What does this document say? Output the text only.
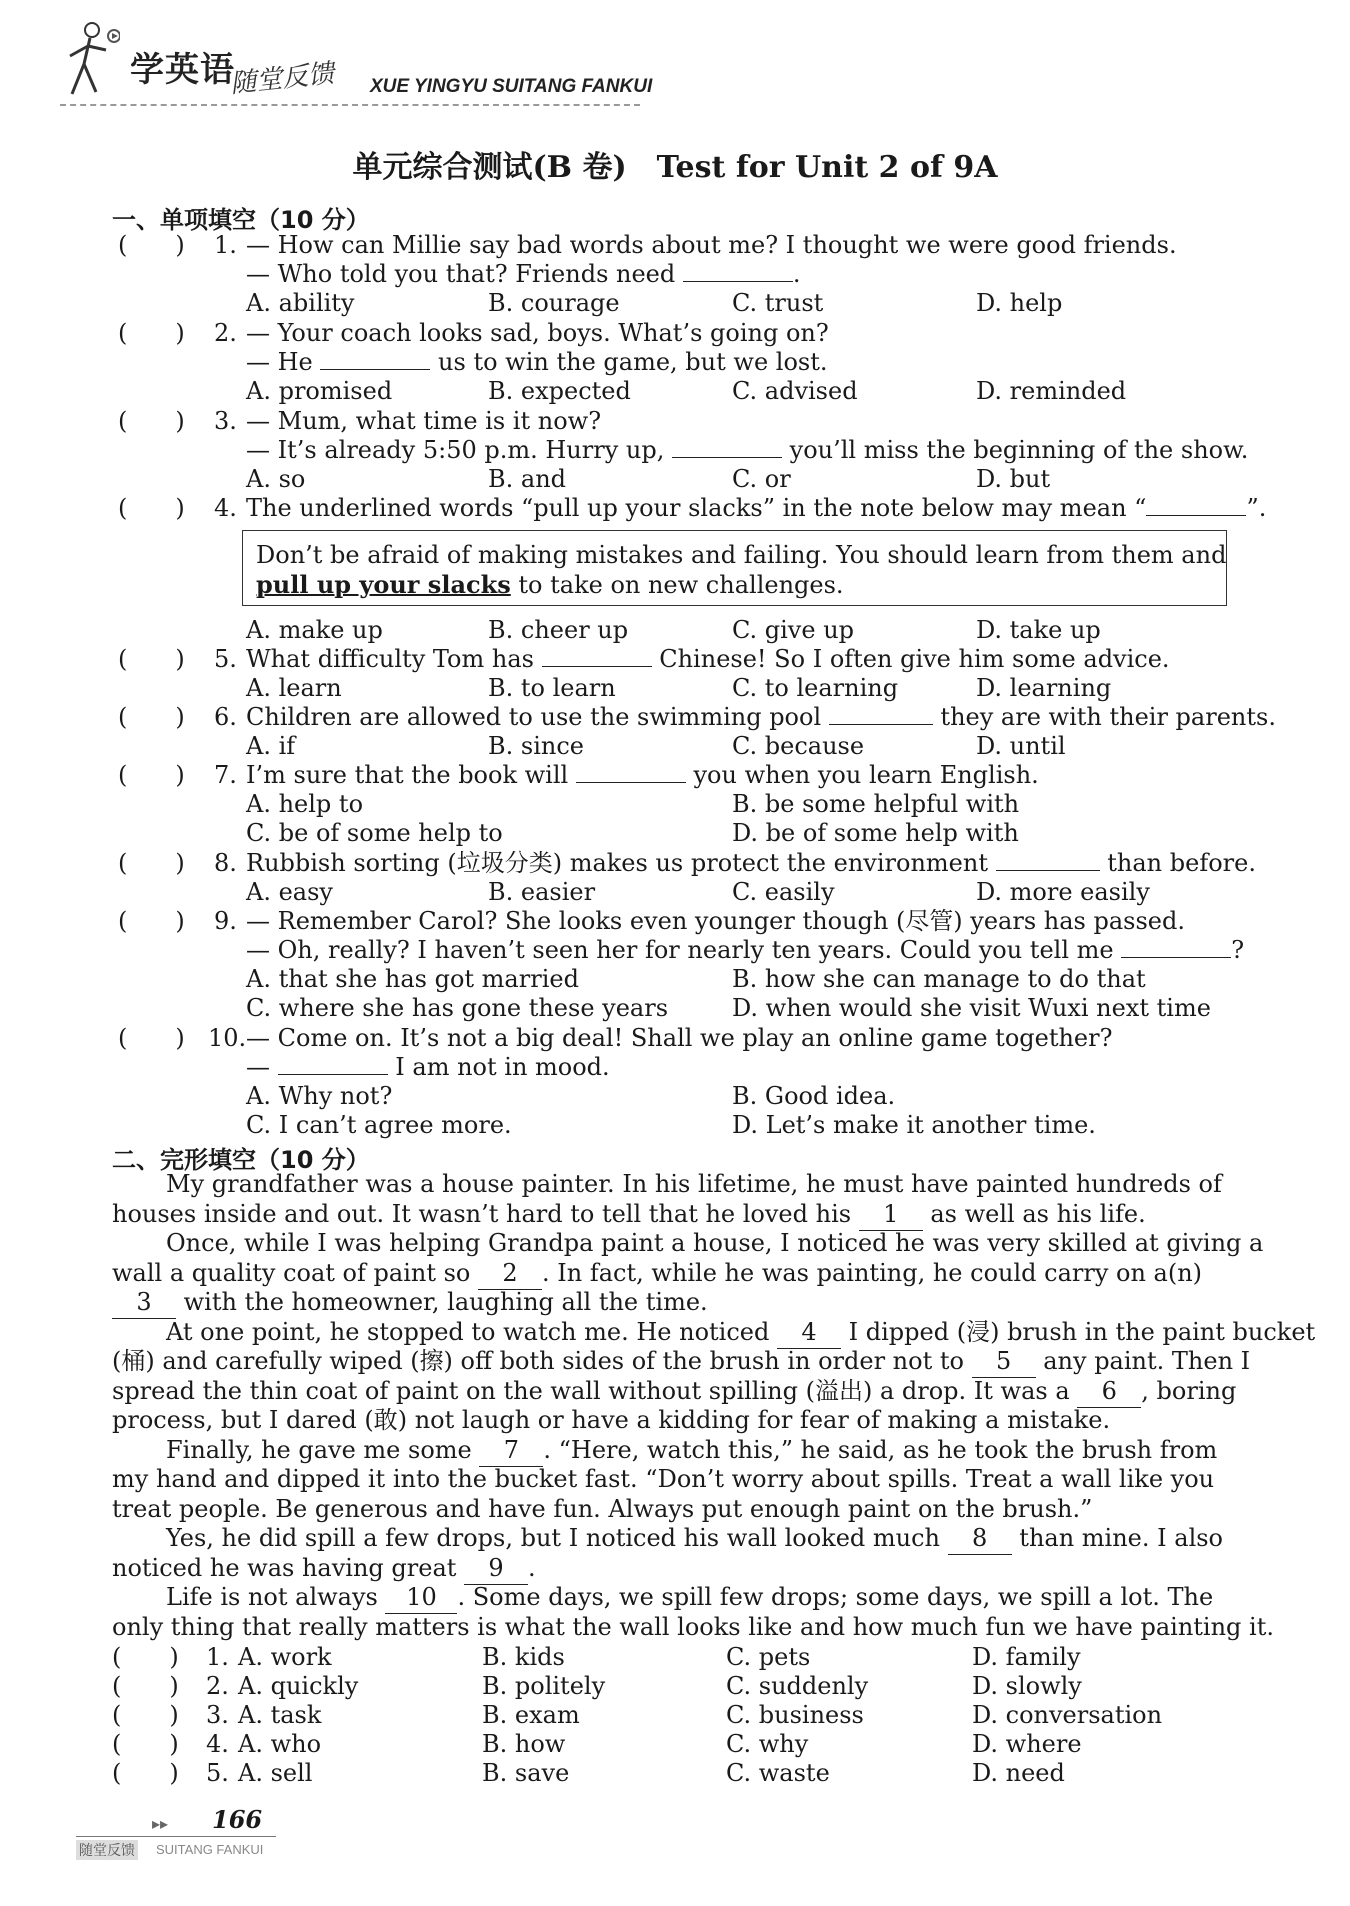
学英语
随堂反馈 XUE YINGYU SUITANG FANKUI
单元综合测试(B 卷)　Test for Unit 2 of 9A
一、单项填空（10 分）
(　　) 1. — How can Millie say bad words about me? I thought we were good friends.
— Who told you that? Friends need	.
A. ability	B. courage	C. trust	D. help
(　　) 2. — Your coach looks sad, boys. What’s going on?
— He	us to win the game, but we lost.
A. promised	B. expected	C. advised	D. reminded
(　　) 3. — Mum, what time is it now?
— It’s already 5:50 p.m. Hurry up,	you’ll miss the beginning of the show.
A. so	B. and	C. or	D. but
(　　) 4. The underlined words “pull up your slacks” in the note below may mean “	”.
Don’t be afraid of making mistakes and failing. You should learn from them and
pull up your slacks to take on new challenges.
A. make up	B. cheer up	C. give up	D. take up
(　　) 5. What difficulty Tom has	Chinese! So I often give him some advice.
A. learn	B. to learn	C. to learning	D. learning
(　　) 6. Children are allowed to use the swimming pool	they are with their parents.
A. if	B. since	C. because	D. until
(　　) 7. I’m sure that the book will	you when you learn English.
A. help to	B. be some helpful with
C. be of some help to	D. be of some help with
(　　) 8. Rubbish sorting (垃圾分类) makes us protect the environment	than before.
A. easy	B. easier	C. easily	D. more easily
(　　) 9. — Remember Carol? She looks even younger though (尽管) years has passed.
— Oh, really? I haven’t seen her for nearly ten years. Could you tell me	?
A. that she has got married	B. how she can manage to do that
C. where she has gone these years	D. when would she visit Wuxi next time
(　　) 10. — Come on. It’s not a big deal! Shall we play an online game together?
—	I am not in mood.
A. Why not?	B. Good idea.
C. I can’t agree more.	D. Let’s make it another time.
二、完形填空（10 分）
My grandfather was a house painter. In his lifetime, he must have painted hundreds of
houses inside and out. It wasn’t hard to tell that he loved his 1 as well as his life.
Once, while I was helping Grandpa paint a house, I noticed he was very skilled at giving a
wall a quality coat of paint so 2 . In fact, while he was painting, he could carry on a(n)
3 with the homeowner, laughing all the time.
At one point, he stopped to watch me. He noticed 4 I dipped (浸) brush in the paint bucket
(桶) and carefully wiped (擦) off both sides of the brush in order not to 5 any paint. Then I
spread the thin coat of paint on the wall without spilling (溢出) a drop. It was a 6 , boring
process, but I dared (敢) not laugh or have a kidding for fear of making a mistake.
Finally, he gave me some 7 . “Here, watch this,” he said, as he took the brush from
my hand and dipped it into the bucket fast. “Don’t worry about spills. Treat a wall like you
treat people. Be generous and have fun. Always put enough paint on the brush.”
Yes, he did spill a few drops, but I noticed his wall looked much 8 than mine. I also
noticed he was having great 9 .
Life is not always 10 . Some days, we spill few drops; some days, we spill a lot. The
only thing that really matters is what the wall looks like and how much fun we have painting it.
(　　) 1. A. work	B. kids	C. pets	D. family
(　　) 2. A. quickly	B. politely	C. suddenly	D. slowly
(　　) 3. A. task	B. exam	C. business	D. conversation
(　　) 4. A. who	B. how	C. why	D. where
(　　) 5. A. sell	B. save	C. waste	D. need
▸▸ 166
随堂反馈 SUITANG FANKUI
